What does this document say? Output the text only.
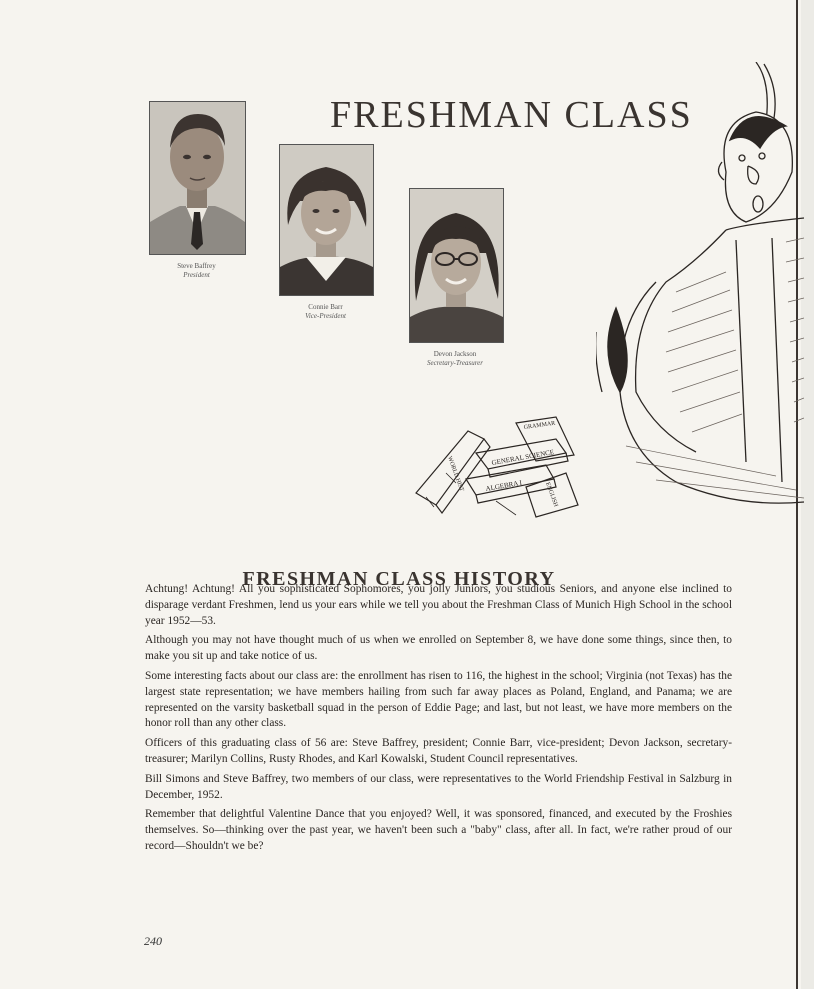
FRESHMAN CLASS
Steve Baffrey
President
Connie Barr
Vice-President
Devon Jackson
Secretary-Treasurer
GENERAL SCIENCE
ALGEBRA I
GRAMMAR
WORLD HIST
ENGLISH
FRESHMAN CLASS HISTORY

Achtung! Achtung! All you sophisticated Sophomores, you jolly Juniors, you studious Seniors, and anyone else inclined to disparage verdant Freshmen, lend us your ears while we tell you about the Freshman Class of Munich High School in the school year 1952—53.

Although you may not have thought much of us when we enrolled on September 8, we have done some things, since then, to make you sit up and take notice of us.

Some interesting facts about our class are: the enrollment has risen to 116, the highest in the school; Virginia (not Texas) has the largest state representation; we have members hailing from such far away places as Poland, England, and Panama; we are represented on the varsity basketball squad in the person of Eddie Page; and last, but not least, we have more members on the honor roll than any other class.

Officers of this graduating class of 56 are: Steve Baffrey, president; Connie Barr, vice-president; Devon Jackson, secretary-treasurer; Marilyn Collins, Rusty Rhodes, and Karl Kowalski, Student Council representatives.

Bill Simons and Steve Baffrey, two members of our class, were representatives to the World Friendship Festival in Salzburg in December, 1952.

Remember that delightful Valentine Dance that you enjoyed? Well, it was sponsored, financed, and executed by the Froshies themselves. So—thinking over the past year, we haven't been such a "baby" class, after all. In fact, we're rather proud of our record—Shouldn't we be?

240
